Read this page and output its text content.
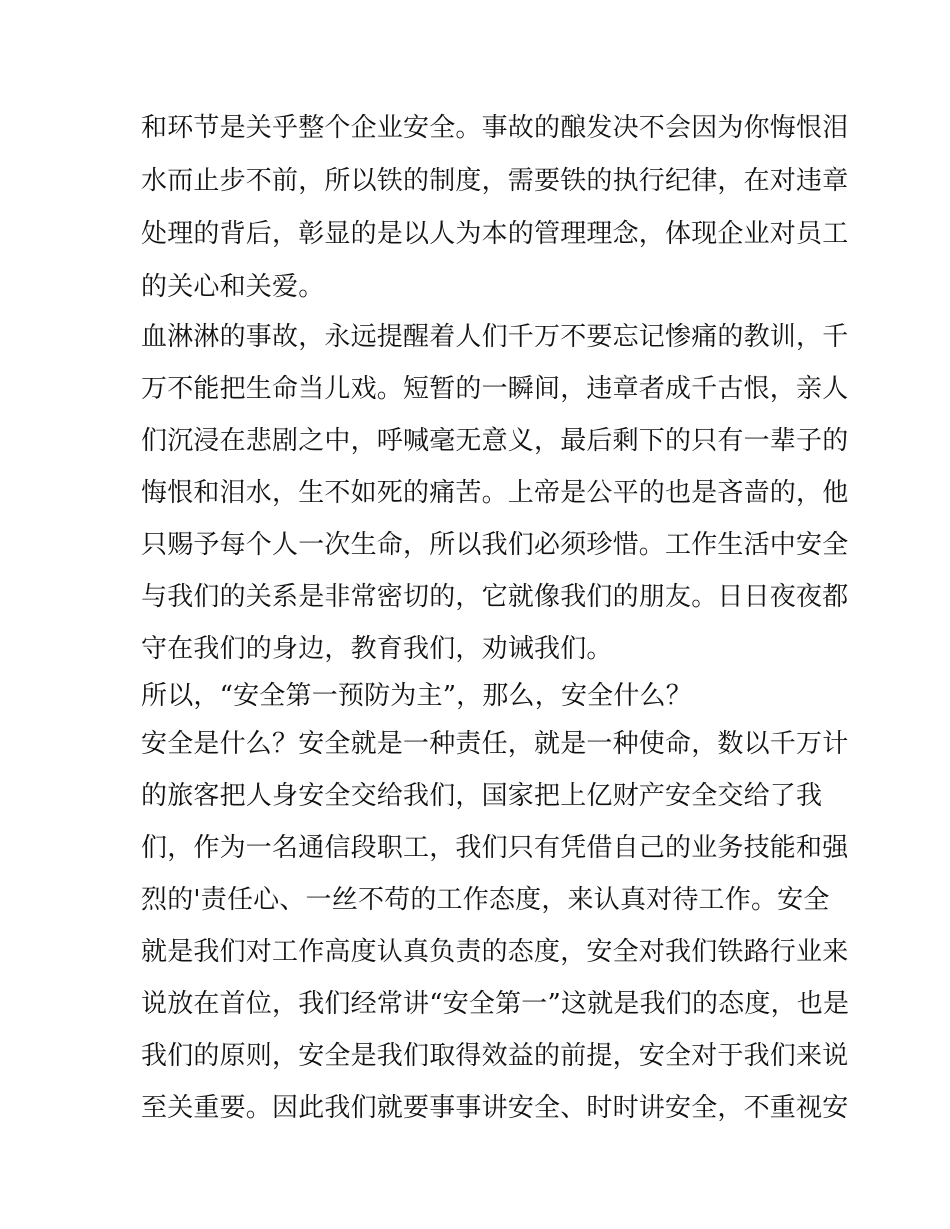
和环节是关乎整个企业安全。事故的酿发决不会因为你悔恨泪
水而止步不前，所以铁的制度，需要铁的执行纪律，在对违章
处理的背后，彰显的是以人为本的管理理念，体现企业对员工
的关心和关爱。
血淋淋的事故，永远提醒着人们千万不要忘记惨痛的教训，千
万不能把生命当儿戏。短暂的一瞬间，违章者成千古恨，亲人
们沉浸在悲剧之中，呼喊毫无意义，最后剩下的只有一辈子的
悔恨和泪水，生不如死的痛苦。上帝是公平的也是吝啬的，他
只赐予每个人一次生命，所以我们必须珍惜。工作生活中安全
与我们的关系是非常密切的，它就像我们的朋友。日日夜夜都
守在我们的身边，教育我们，劝诫我们。
所以，“安全第一预防为主”，那么，安全什么？
安全是什么？安全就是一种责任，就是一种使命，数以千万计
的旅客把人身安全交给我们，国家把上亿财产安全交给了我
们，作为一名通信段职工，我们只有凭借自己的业务技能和强
烈的'责任心、一丝不苟的工作态度，来认真对待工作。安全
就是我们对工作高度认真负责的态度，安全对我们铁路行业来
说放在首位，我们经常讲“安全第一”这就是我们的态度，也是
我们的原则，安全是我们取得效益的前提，安全对于我们来说
至关重要。因此我们就要事事讲安全、时时讲安全，不重视安
